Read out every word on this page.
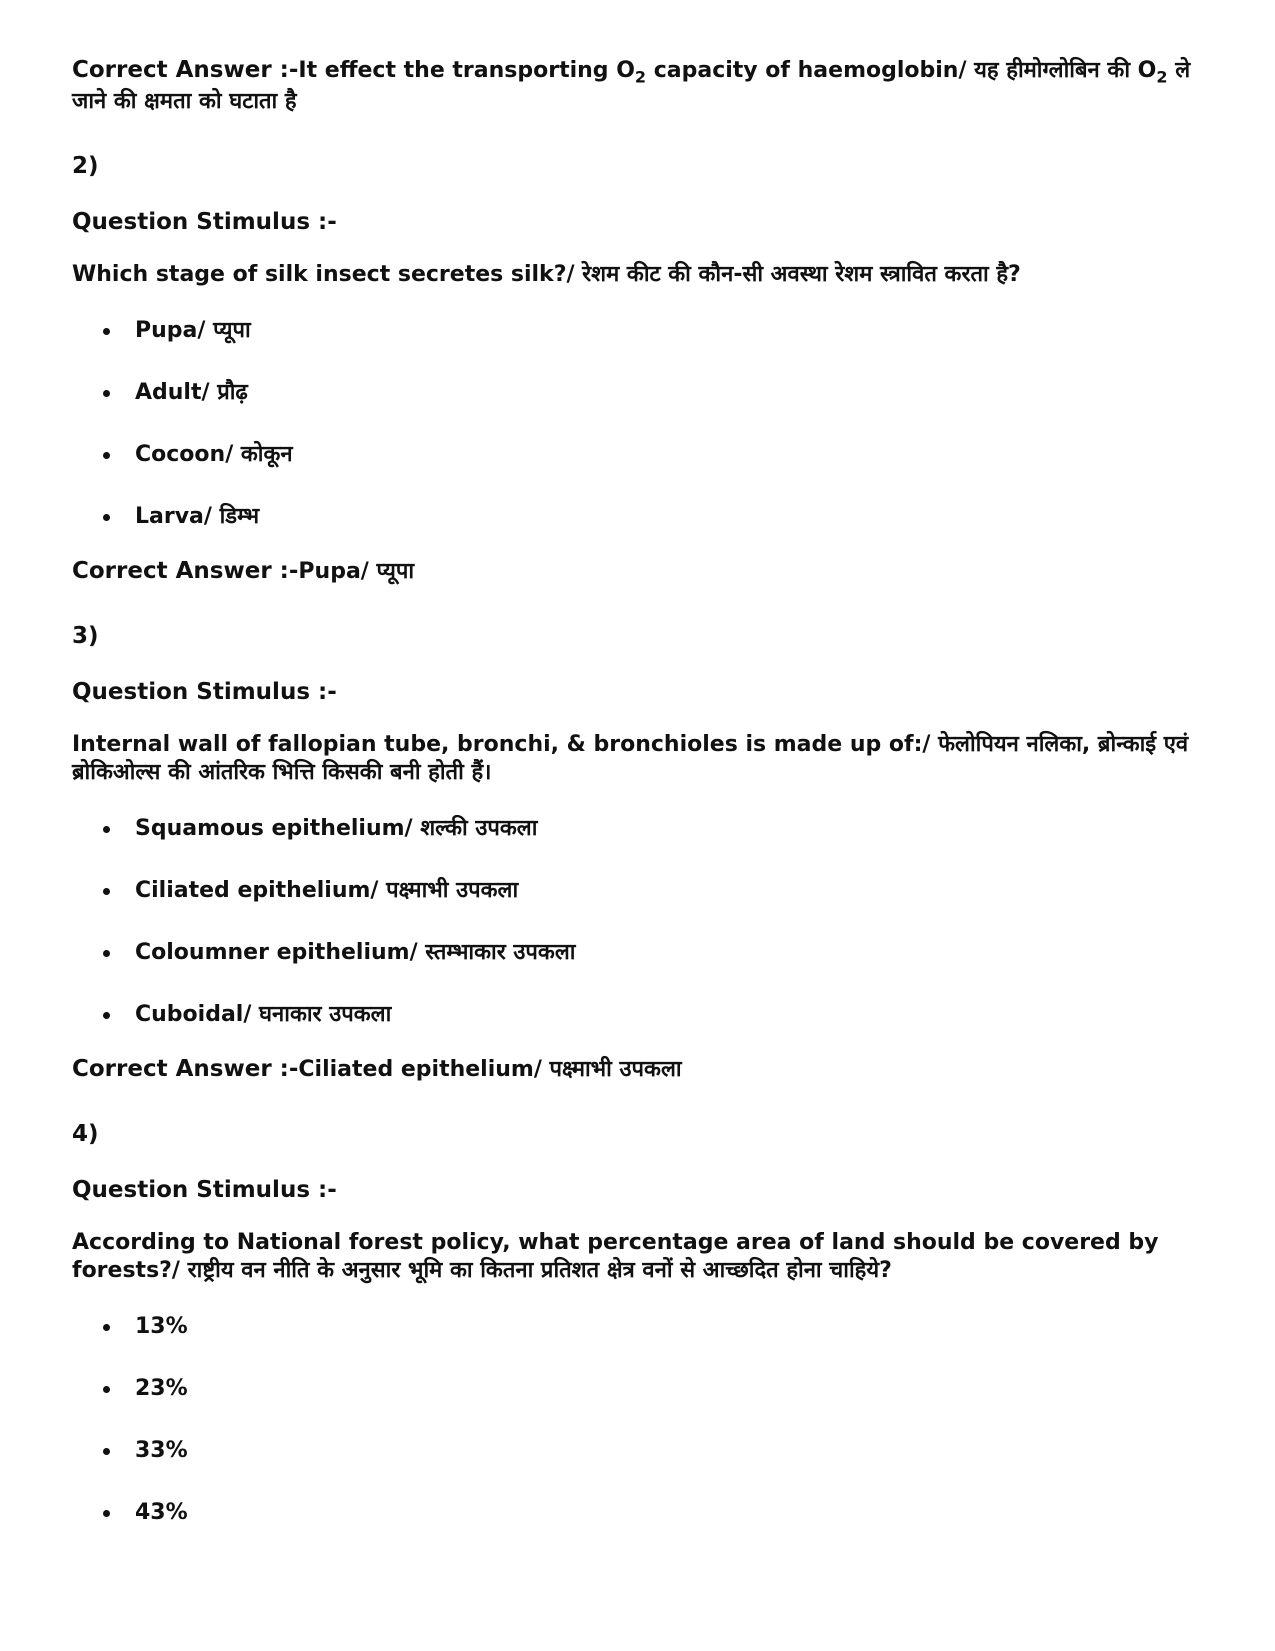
Correct Answer :-It effect the transporting $O_2$ capacity of haemoglobin/ यह हीमोग्लोबिन की $O_2$ ले जाने की क्षमता को घटाता है

2)

Question Stimulus :-

Which stage of silk insect secretes silk?/ रेशम कीट की कौन-सी अवस्था रेशम स्त्रावित करता है?

Pupa/ प्यूपा
Adult/ प्रौढ़
Cocoon/ कोकून
Larva/ डिम्भ

Correct Answer :-Pupa/ प्यूपा

3)

Question Stimulus :-

Internal wall of fallopian tube, bronchi, & bronchioles is made up of:/ फेलोपियन नलिका, ब्रोन्काई एवं ब्रोकिओल्स की आंतरिक भित्ति किसकी बनी होती हैं।

Squamous epithelium/ शल्की उपकला
Ciliated epithelium/ पक्ष्माभी उपकला
Coloumner epithelium/ स्तम्भाकार उपकला
Cuboidal/ घनाकार उपकला

Correct Answer :-Ciliated epithelium/ पक्ष्माभी उपकला

4)

Question Stimulus :-

According to National forest policy, what percentage area of land should be covered by forests?/ राष्ट्रीय वन नीति के अनुसार भूमि का कितना प्रतिशत क्षेत्र वनों से आच्छदित होना चाहिये?

13%
23%
33%
43%
